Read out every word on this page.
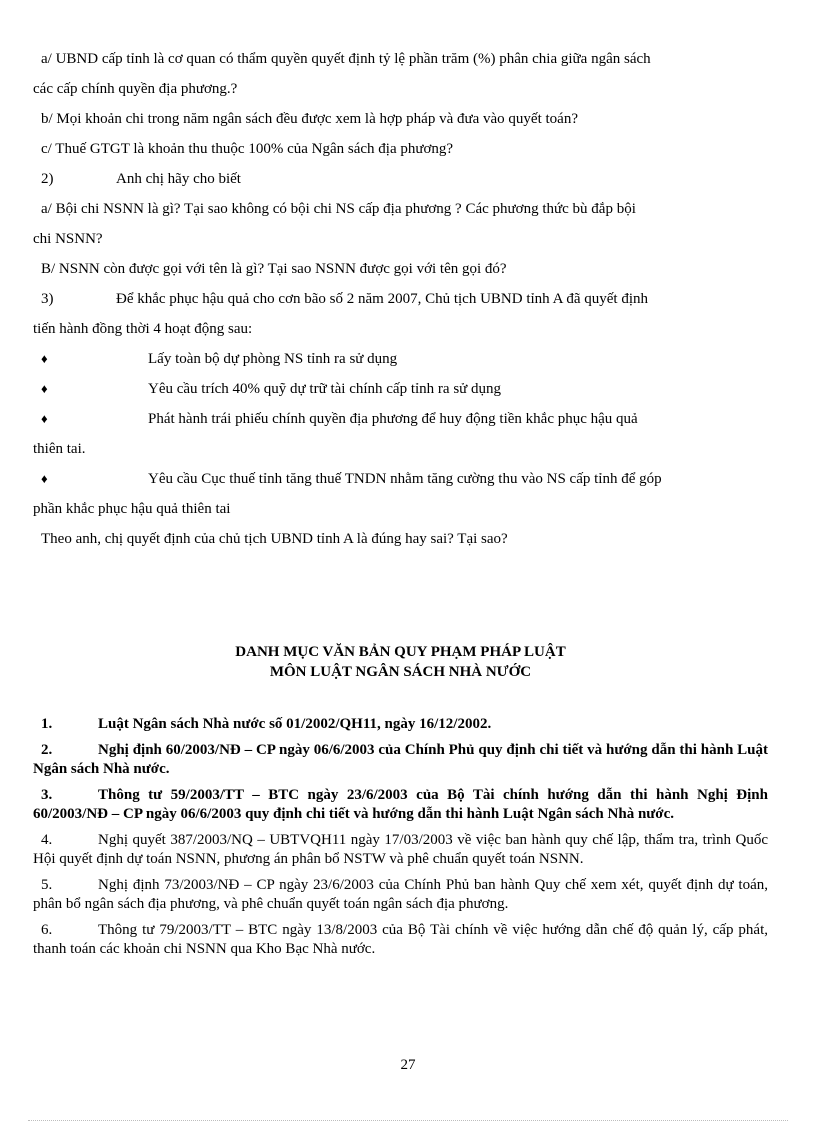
a/ UBND cấp tỉnh là cơ quan có thẩm quyền quyết định tỷ lệ phần trăm (%) phân chia giữa ngân sách
các cấp chính quyền địa phương.?
b/ Mọi khoản chi trong năm ngân sách đều được xem là hợp pháp và đưa vào quyết toán?
c/ Thuế GTGT là khoản thu thuộc 100% của Ngân sách địa phương?
2)	Anh chị hãy cho biết
a/ Bội chi NSNN là gì? Tại sao không có bội chi NS cấp địa phương ? Các phương thức bù đắp bội
chi NSNN?
B/ NSNN còn được gọi với tên là gì? Tại sao NSNN được gọi với tên gọi đó?
3)	Để khắc phục hậu quả cho cơn bão số 2 năm 2007, Chủ tịch UBND tỉnh A đã quyết định
tiến hành đồng thời 4 hoạt động sau:
♦	Lấy toàn bộ dự phòng NS tỉnh ra sử dụng
♦	Yêu cầu trích 40% quỹ dự trữ tài chính cấp tỉnh ra sử dụng
♦	Phát hành trái phiếu chính quyền địa phương để huy động tiền khắc phục hậu quả
thiên tai.
♦	Yêu cầu Cục thuế tỉnh tăng thuế TNDN nhằm tăng cường thu vào NS cấp tỉnh để góp
phần khắc phục hậu quả thiên tai
Theo anh, chị quyết định của chủ tịch UBND tỉnh A là đúng hay sai? Tại sao?
DANH MỤC VĂN BẢN QUY PHẠM PHÁP LUẬT
MÔN LUẬT NGÂN SÁCH NHÀ NƯỚC

1.	Luật Ngân sách Nhà nước số 01/2002/QH11, ngày 16/12/2002.

2.	Nghị định 60/2003/NĐ – CP ngày 06/6/2003 của Chính Phủ quy định chi tiết và hướng dẫn thi hành Luật Ngân sách Nhà nước.

3.	Thông tư 59/2003/TT – BTC ngày 23/6/2003 của Bộ Tài chính hướng dẫn thi hành Nghị Định 60/2003/NĐ – CP ngày 06/6/2003 quy định chi tiết và hướng dẫn thi hành Luật Ngân sách Nhà nước.

4.	Nghị quyết 387/2003/NQ – UBTVQH11 ngày 17/03/2003 về việc ban hành quy chế lập, thẩm tra, trình Quốc Hội quyết định dự toán NSNN, phương án phân bổ NSTW và phê chuẩn quyết toán NSNN.

5.	Nghị định 73/2003/NĐ – CP ngày 23/6/2003 của Chính Phủ ban hành Quy chế xem xét, quyết định dự toán, phân bổ ngân sách địa phương, và phê chuẩn quyết toán ngân sách địa phương.

6.	Thông tư 79/2003/TT – BTC ngày 13/8/2003 của Bộ Tài chính về việc hướng dẫn chế độ quản lý, cấp phát, thanh toán các khoản chi NSNN qua Kho Bạc Nhà nước.

27
